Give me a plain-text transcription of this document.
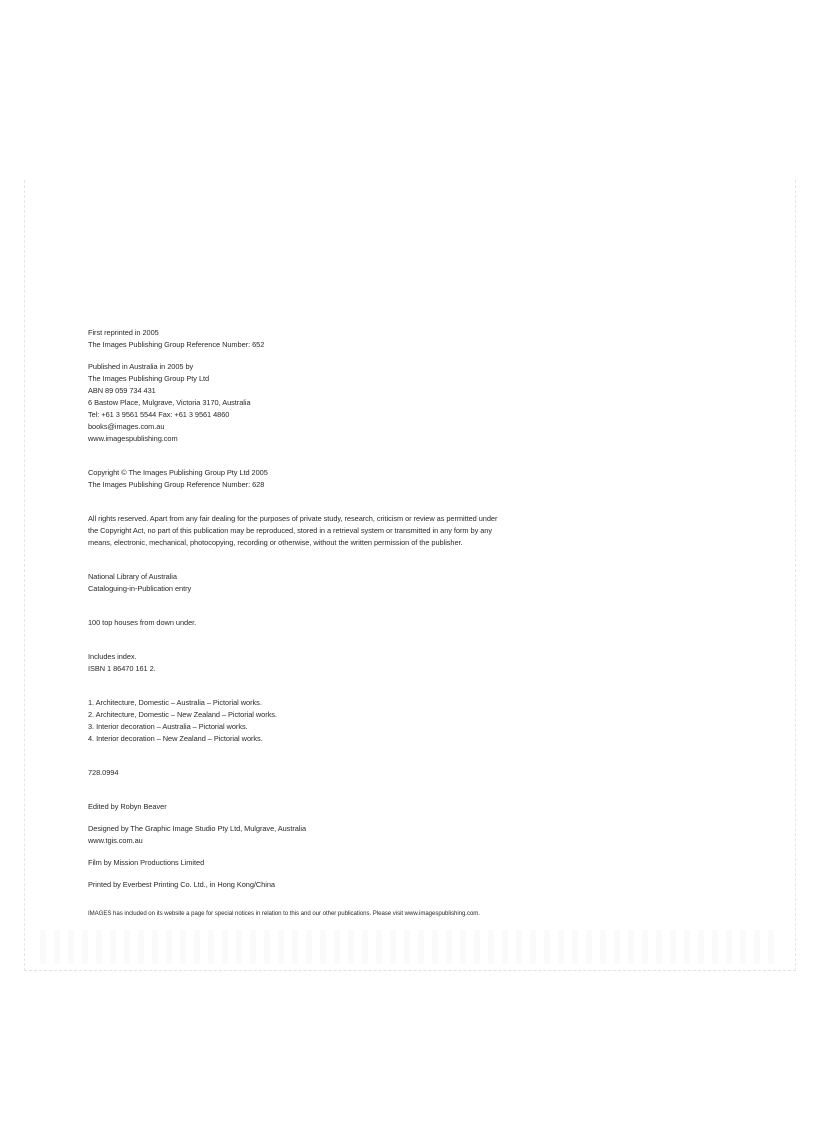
First reprinted in 2005
The Images Publishing Group Reference Number: 652
Published in Australia in 2005 by
The Images Publishing Group Pty Ltd
ABN 89 059 734 431
6 Bastow Place, Mulgrave, Victoria 3170, Australia
Tel: +61 3 9561 5544 Fax: +61 3 9561 4860
books@images.com.au
www.imagespublishing.com
Copyright © The Images Publishing Group Pty Ltd 2005
The Images Publishing Group Reference Number: 628
All rights reserved. Apart from any fair dealing for the purposes of private study, research, criticism or review as permitted under
the Copyright Act, no part of this publication may be reproduced, stored in a retrieval system or transmitted in any form by any
means, electronic, mechanical, photocopying, recording or otherwise, without the written permission of the publisher.
National Library of Australia
Cataloguing-in-Publication entry
100 top houses from down under.
Includes index.
ISBN 1 86470 161 2.
1. Architecture, Domestic – Australia – Pictorial works.
2. Architecture, Domestic – New Zealand – Pictorial works.
3. Interior decoration – Australia – Pictorial works.
4. Interior decoration – New Zealand – Pictorial works.
728.0994
Edited by Robyn Beaver
Designed by The Graphic Image Studio Pty Ltd, Mulgrave, Australia
www.tgis.com.au
Film by Mission Productions Limited
Printed by Everbest Printing Co. Ltd., in Hong Kong/China
IMAGES has included on its website a page for special notices in relation to this and our other publications. Please visit www.imagespublishing.com.
